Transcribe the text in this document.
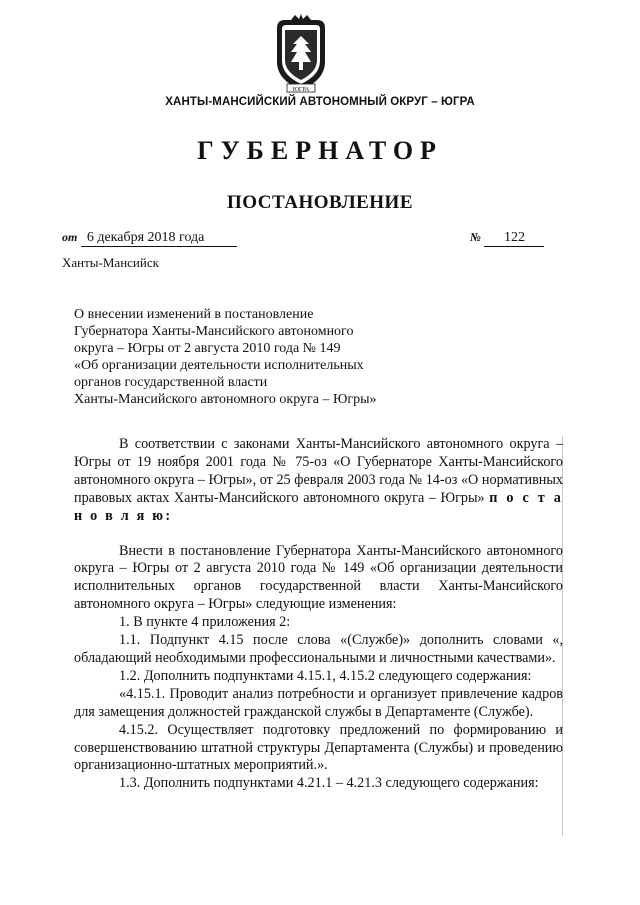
ЮГРА
ХАНТЫ-МАНСИЙСКИЙ АВТОНОМНЫЙ ОКРУГ – ЮГРА
ГУБЕРНАТОР
ПОСТАНОВЛЕНИЕ
от 6 декабря 2018 года	№ 122
Ханты-Мансийск
О внесении изменений в постановление
Губернатора Ханты-Мансийского автономного
округа – Югры от 2 августа 2010 года № 149
«Об организации деятельности исполнительных
органов государственной власти
Ханты-Мансийского автономного округа – Югры»

В соответствии с законами Ханты-Мансийского автономного округа – Югры от 19 ноября 2001 года № 75-оз «О Губернаторе Ханты-Мансийского автономного округа – Югры», от 25 февраля 2003 года № 14-оз «О нормативных правовых актах Ханты-Мансийского автономного округа – Югры» п о с т а н о в л я ю:

Внести в постановление Губернатора Ханты-Мансийского автономного округа – Югры от 2 августа 2010 года № 149 «Об организации деятельности исполнительных органов государственной власти Ханты-Мансийского автономного округа – Югры» следующие изменения:

1. В пункте 4 приложения 2:

1.1. Подпункт 4.15 после слова «(Службе)» дополнить словами «, обладающий необходимыми профессиональными и личностными качествами».

1.2. Дополнить подпунктами 4.15.1, 4.15.2 следующего содержания:

«4.15.1. Проводит анализ потребности и организует привлечение кадров для замещения должностей гражданской службы в Департаменте (Службе).

4.15.2. Осуществляет подготовку предложений по формированию и совершенствованию штатной структуры Департамента (Службы) и проведению организационно-штатных мероприятий.».

1.3. Дополнить подпунктами 4.21.1 – 4.21.3 следующего содержания:
